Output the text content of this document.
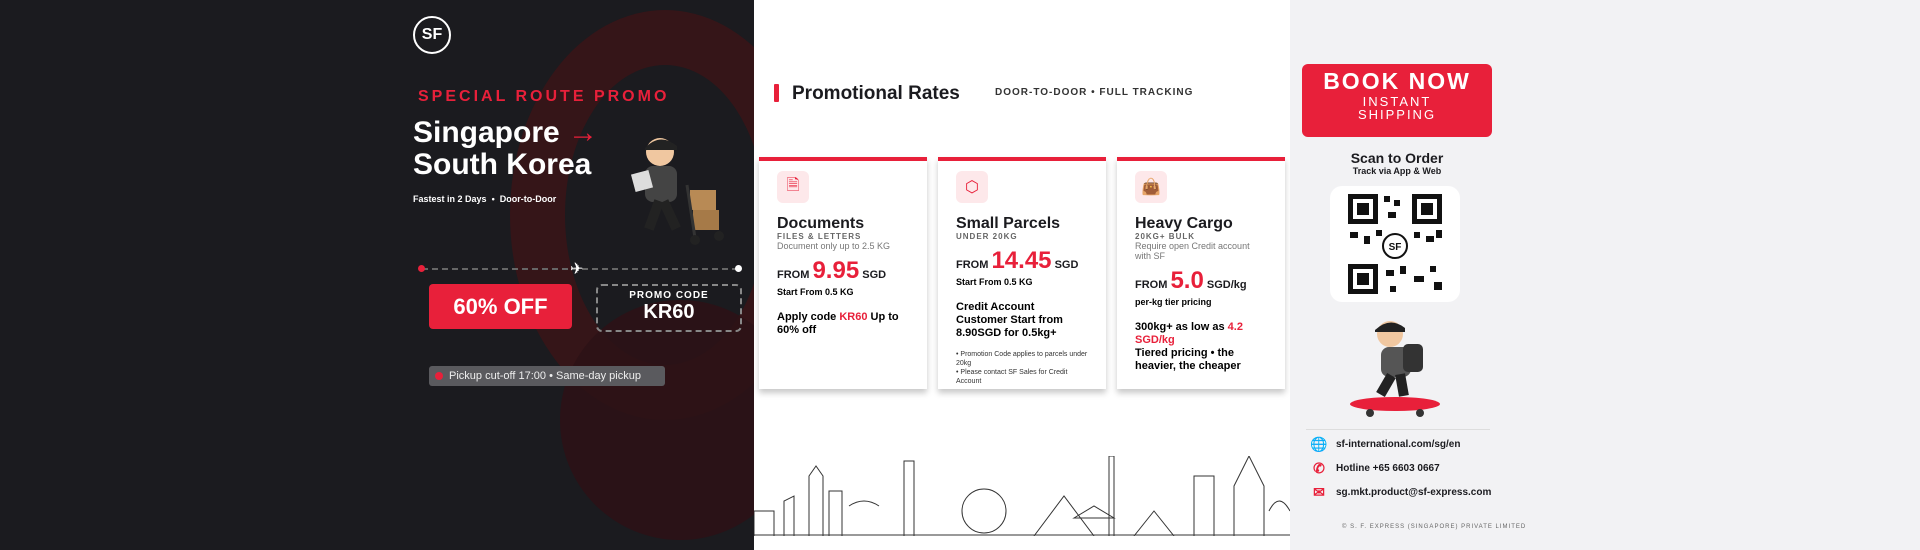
SF
SPECIAL ROUTE PROMO
Singapore →
South Korea
Fastest in 2 Days • Door-to-Door
✈
60% OFF	PROMO CODE
KR60
Pickup cut-off 17:00 • Same-day pickup
Promotional Rates	DOOR-TO-DOOR • FULL TRACKING
🗎
Documents
FILES & LETTERS
Document only up to 2.5 KG
FROM 9.95 SGD
Start From 0.5 KG
Apply code KR60 Up to 60% off
⬡
Small Parcels
UNDER 20KG
FROM 14.45 SGD
Start From 0.5 KG
Credit Account Customer Start from 8.90SGD for 0.5kg+
• Promotion Code applies to parcels under 20kg
• Please contact SF Sales for Credit Account
👜
Heavy Cargo
20KG+ BULK
Require open Credit account with SF
FROM 5.0 SGD/kg
per-kg tier pricing
300kg+ as low as 4.2 SGD/kg
Tiered pricing • the heavier, the cheaper
BOOK NOW
INSTANT
SHIPPING
Scan to Order
Track via App & Web
SF
🌐 sf-international.com/sg/en
✆	Hotline +65 6603 0667
✉	sg.mkt.product@sf-express.com
© S. F. EXPRESS (SINGAPORE) PRIVATE LIMITED
